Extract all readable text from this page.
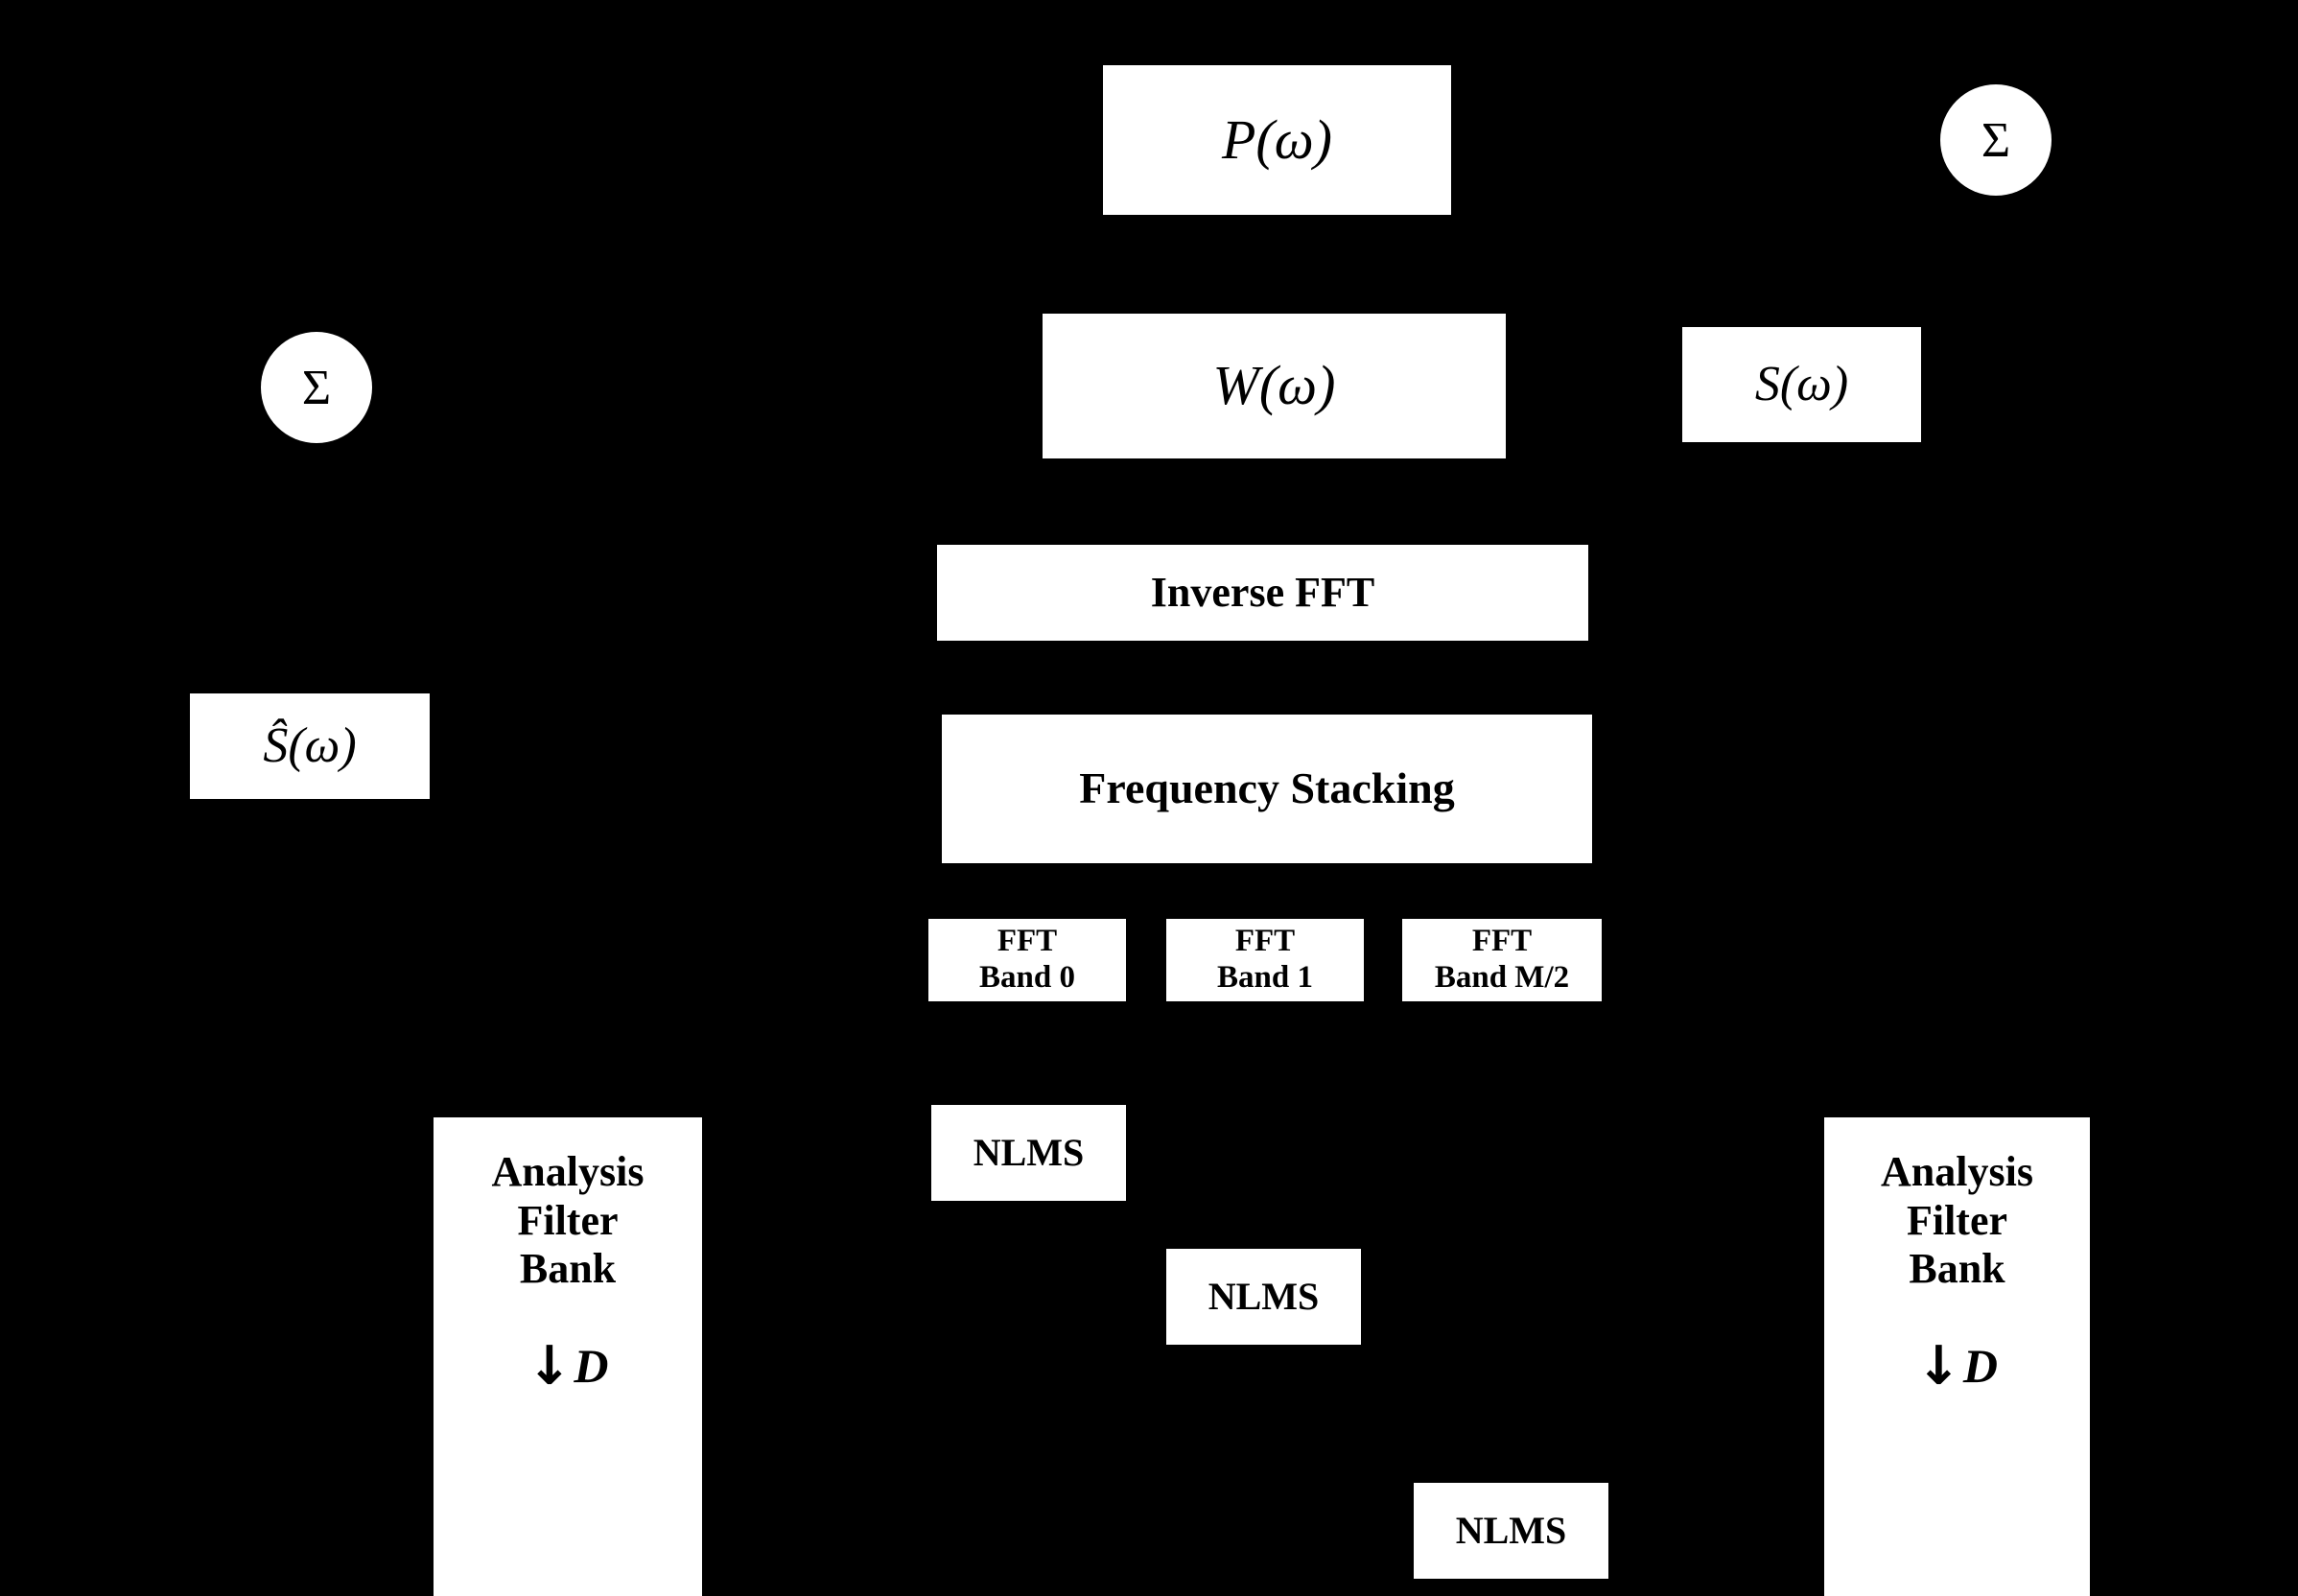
P(ω)	Σ
Σ	W(ω)	S(ω)
Inverse FFT
Ŝ(ω)
Frequency Stacking
FFT
Band 0
FFT
Band 1
FFT
Band M/2
NLMS
NLMS
NLMS
Analysis
Filter
Bank
↓ D
Analysis
Filter
Bank
↓ D
